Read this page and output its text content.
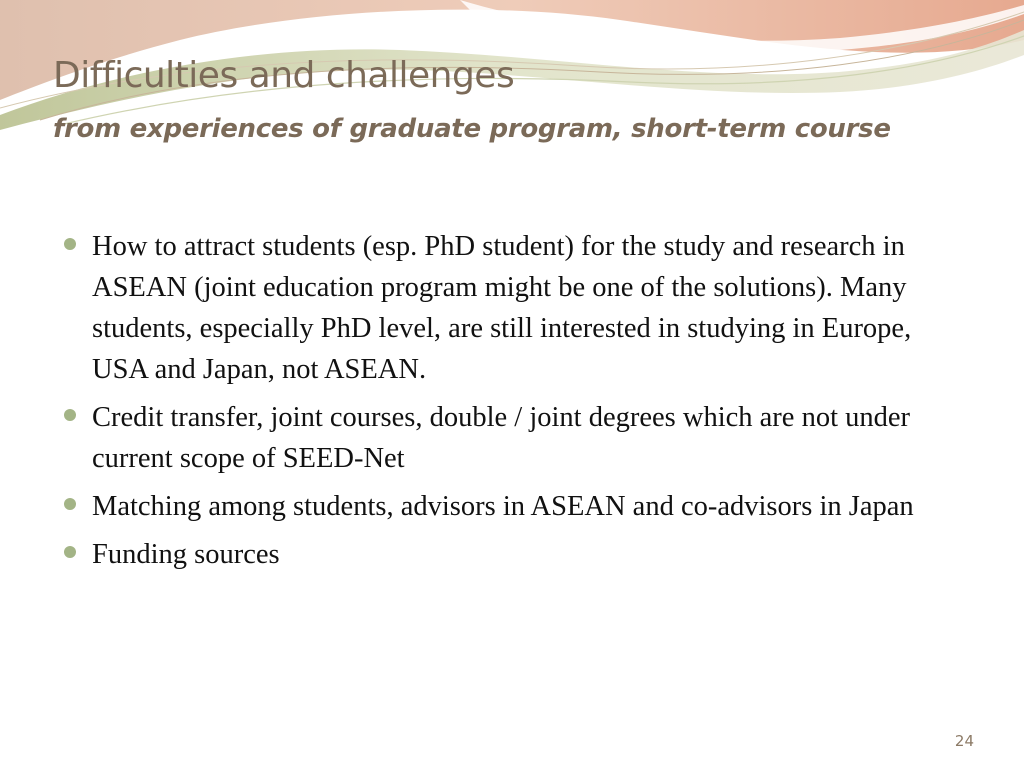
Difficulties and challenges
from experiences of graduate program, short-term course
How to attract students (esp. PhD student) for the study and research in ASEAN (joint education program might be one of the solutions). Many students, especially PhD level, are still interested in studying in Europe, USA and Japan, not ASEAN.
Credit transfer, joint courses, double / joint degrees which are not under current scope of SEED-Net
Matching among students, advisors in ASEAN and co-advisors in Japan
Funding sources
24
